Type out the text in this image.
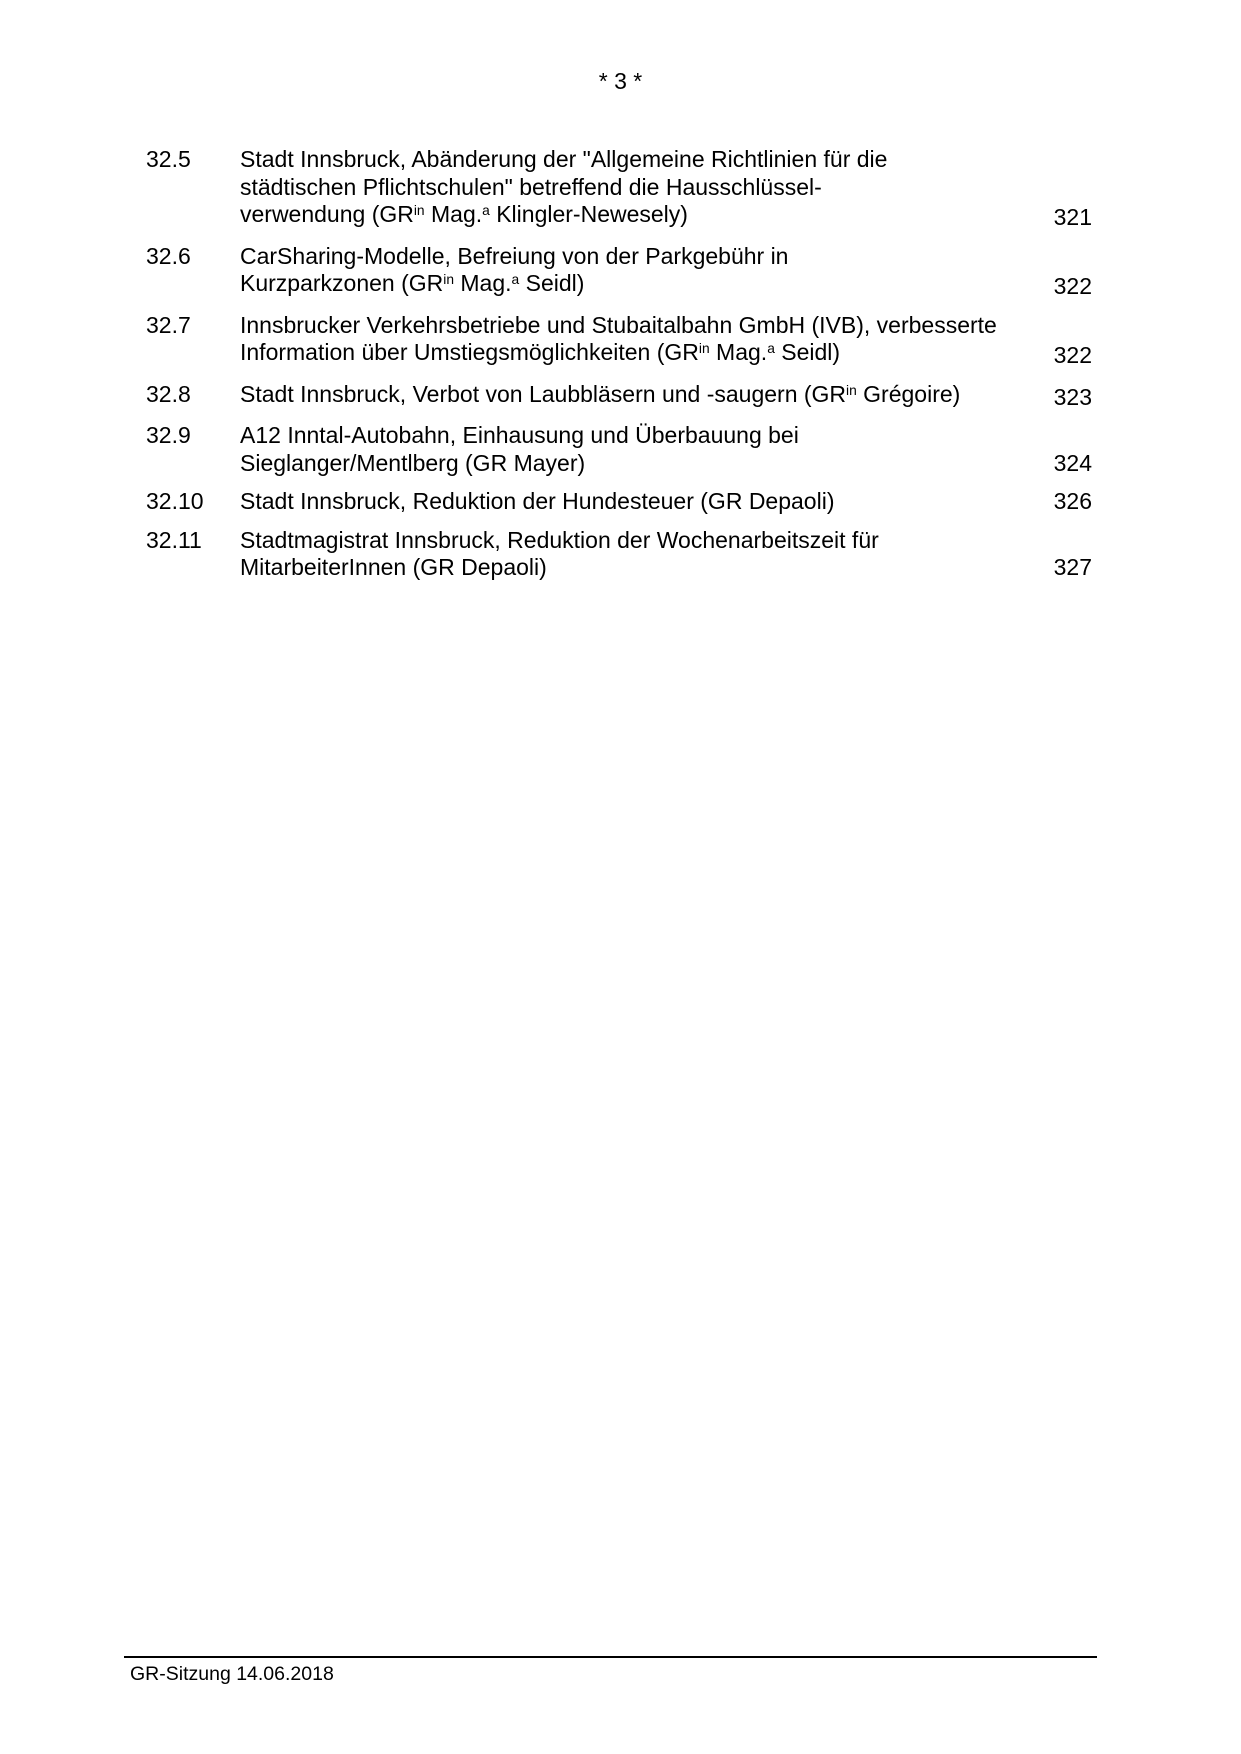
* 3 *
32.5	Stadt Innsbruck, Abänderung der "Allgemeine Richtlinien für die
städtischen Pflichtschulen" betreffend die Hausschlüssel-
verwendung ($GR^{in}$ Mag.$^a$ Klingler-Newesely)	321
32.6	CarSharing-Modelle, Befreiung von der Parkgebühr in
Kurzparkzonen ($GR^{in}$ Mag.$^a$ Seidl)	322
32.7	Innsbrucker Verkehrsbetriebe und Stubaitalbahn GmbH (IVB), verbesserte
Information über Umstiegsmöglichkeiten ($GR^{in}$ Mag.$^a$ Seidl)	322
32.8	Stadt Innsbruck, Verbot von Laubbläsern und -saugern ($GR^{in}$ Grégoire)	323
32.9	A12 Inntal-Autobahn, Einhausung und Überbauung bei
Sieglanger/Mentlberg (GR Mayer)	324
32.10	Stadt Innsbruck, Reduktion der Hundesteuer (GR Depaoli)	326
32.11	Stadtmagistrat Innsbruck, Reduktion der Wochenarbeitszeit für
MitarbeiterInnen (GR Depaoli)	327
GR-Sitzung 14.06.2018
